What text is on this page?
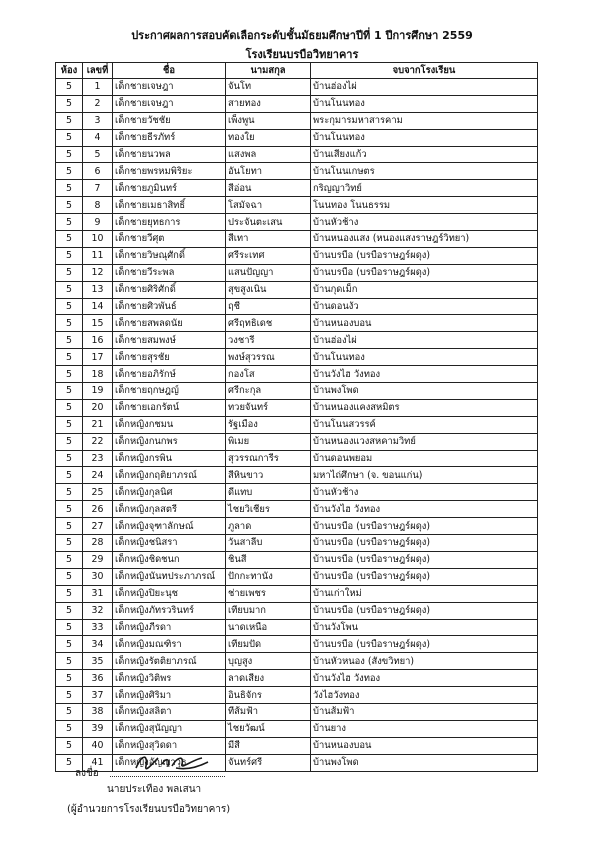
ประกาศผลการสอบคัดเลือกระดับชั้นมัธยมศึกษาปีที่ 1 ปีการศึกษา 2559
โรงเรียนบรบือวิทยาคาร
ห้อง	เลขที่	ชื่อ	นามสกุล	จบจากโรงเรียน
5	1	เด็กชายเจษฎา	จันโท	บ้านฮ่องไผ่
5	2	เด็กชายเจษฎา	สายทอง	บ้านโนนทอง
5	3	เด็กชายวัชชัย	เพ็งพูน	พระกุมารมหาสารคาม
5	4	เด็กชายธีรภัทร์	ทองใย	บ้านโนนทอง
5	5	เด็กชายนวพล	แสงพล	บ้านเสียงแก้ว
5	6	เด็กชายพรหมพิริยะ	อันโยทา	บ้านโนนเกษตร
5	7	เด็กชายภูมินทร์	สีอ่อน	กริญญาวิทย์
5	8	เด็กชายเมธาสิทธิ์	โสมัจฉา	โนนทอง โนนธรรม
5	9	เด็กชายยุทธการ	ประจันตะเสน	บ้านหัวช้าง
5	10	เด็กชายวีศุต	สีเทา	บ้านหนองแสง (หนองแสงราษฎร์วิทยา)
5	11	เด็กชายวิษณุศักดิ์	ศรีระเทศ	บ้านบรบือ (บรบือราษฎร์ผดุง)
5	12	เด็กชายวีระพล	แสนปัญญา	บ้านบรบือ (บรบือราษฎร์ผดุง)
5	13	เด็กชายศิริศักดิ์	สุขสูงเนิน	บ้านกุดเม็ก
5	14	เด็กชายศิวพันธ์	ฤชี	บ้านดอนงัว
5	15	เด็กชายสพลดนัย	ศรีฤทธิเดช	บ้านหนองบอน
5	16	เด็กชายสมพงษ์	วงชารี	บ้านฮ่องไผ่
5	17	เด็กชายสุรชัย	พงษ์สุวรรณ	บ้านโนนทอง
5	18	เด็กชายอภิรักษ์	กองโส	บ้านวังไฮ วังทอง
5	19	เด็กชายฤกษฎญ์	ศรีกะกุล	บ้านพงโพด
5	20	เด็กชายเอกรัตน์	ทวยจันทร์	บ้านหนองแคงสหมิตร
5	21	เด็กหญิงกชมน	รัฐเมือง	บ้านโนนสวรรค์
5	22	เด็กหญิงกนกพร	พิเมย	บ้านหนองแวงสหคามวิทย์
5	23	เด็กหญิงกรพิน	สุวรรณการีร	บ้านดอนพยอม
5	24	เด็กหญิงกฤติยาภรณ์	สีหินขาว	มหาไถ่ศึกษา (จ. ขอนแก่น)
5	25	เด็กหญิงกุลนิศ	ดีแทบ	บ้านหัวช้าง
5	26	เด็กหญิงกุลสตรี	ไชยวิเชียร	บ้านวังไฮ วังทอง
5	27	เด็กหญิงจุฑาลักษณ์	ภูลาด	บ้านบรบือ (บรบือราษฎร์ผดุง)
5	28	เด็กหญิงชนิสรา	วันสาลีบ	บ้านบรบือ (บรบือราษฎร์ผดุง)
5	29	เด็กหญิงชิดชนก	ชินสี	บ้านบรบือ (บรบือราษฎร์ผดุง)
5	30	เด็กหญิงนันทประภาภรณ์	ปักกะทานัง	บ้านบรบือ (บรบือราษฎร์ผดุง)
5	31	เด็กหญิงปิยะนุช	ช่ายเพชร	บ้านเก่าใหม่
5	32	เด็กหญิงภัทรวรินทร์	เทียบมาก	บ้านบรบือ (บรบือราษฎร์ผดุง)
5	33	เด็กหญิงภีรดา	นาดเหนือ	บ้านวังโพน
5	34	เด็กหญิงมณฑิรา	เทียมปัด	บ้านบรบือ (บรบือราษฎร์ผดุง)
5	35	เด็กหญิงรัตติยาภรณ์	บุญสูง	บ้านหัวหนอง (สังขวิทยา)
5	36	เด็กหญิงวิติพร	ลาดเสียง	บ้านวังไฮ วังทอง
5	37	เด็กหญิงศิริมา	อินธิจักร	วังไฮวังทอง
5	38	เด็กหญิงสลิตา	ทีส้มฟ้า	บ้านส้มฟ้า
5	39	เด็กหญิงสุนัญญา	ไชยวัฒน์	บ้านยาง
5	40	เด็กหญิงสุวิดดา	มีสี	บ้านหนองบอน
5	41	เด็กหญิงอัญญาวุธ	จันทร์ศรี	บ้านพงโพด
ลงชื่อ
นายประเทือง พลเสนา
(ผู้อำนวยการโรงเรียนบรบือวิทยาคาร)
